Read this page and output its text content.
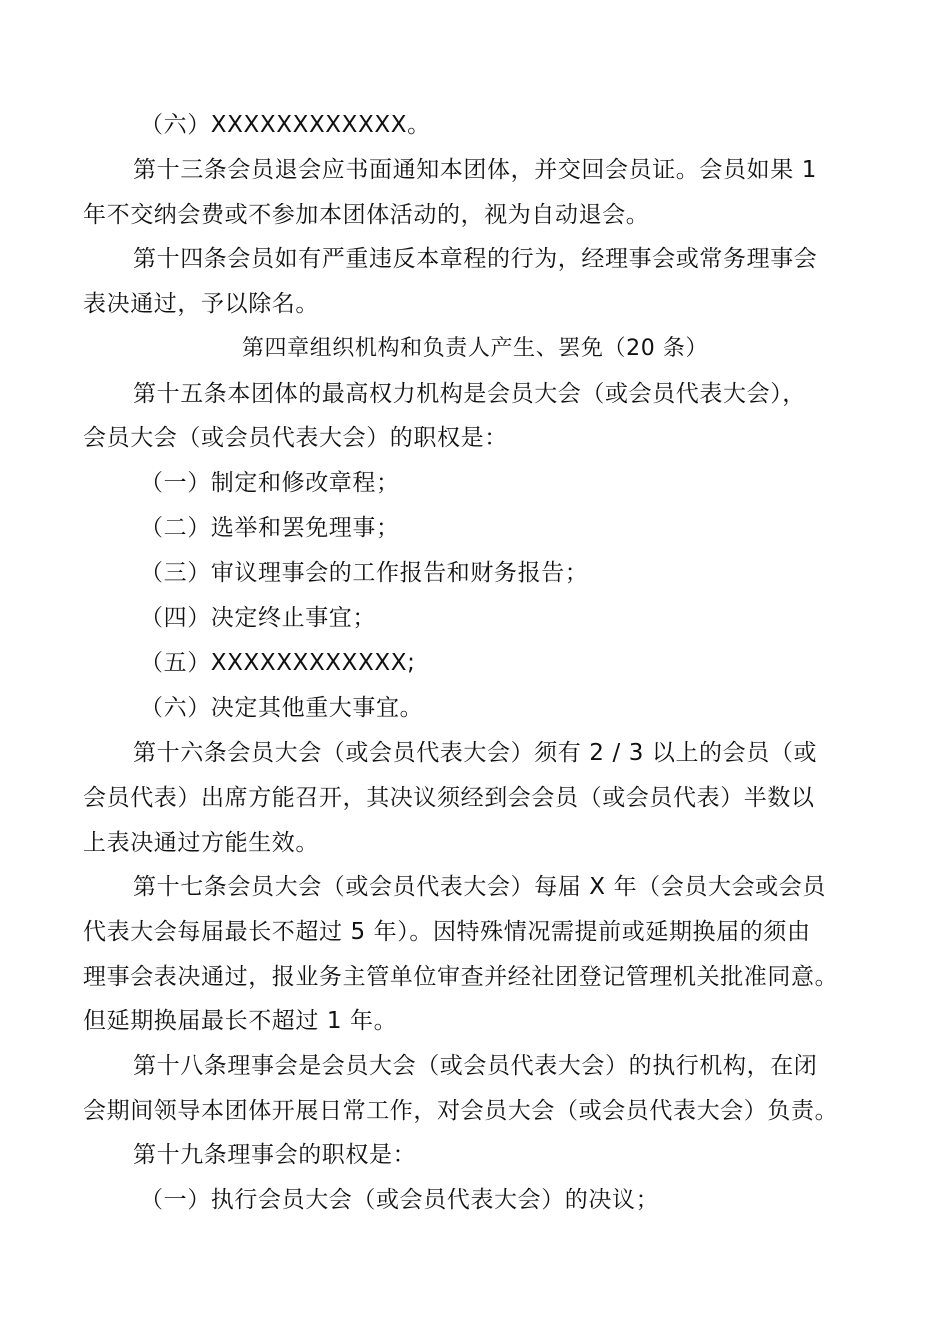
（六）XXXXXXXXXXXX。
第十三条会员退会应书面通知本团体，并交回会员证。会员如果 1
年不交纳会费或不参加本团体活动的，视为自动退会。
第十四条会员如有严重违反本章程的行为，经理事会或常务理事会
表决通过，予以除名。
第四章组织机构和负责人产生、罢免（20 条）
第十五条本团体的最高权力机构是会员大会（或会员代表大会），
会员大会（或会员代表大会）的职权是：
（一）制定和修改章程；
（二）选举和罢免理事；
（三）审议理事会的工作报告和财务报告；
（四）决定终止事宜；
（五）XXXXXXXXXXXX;
（六）决定其他重大事宜。
第十六条会员大会（或会员代表大会）须有 2 / 3 以上的会员（或
会员代表）出席方能召开，其决议须经到会会员（或会员代表）半数以
上表决通过方能生效。
第十七条会员大会（或会员代表大会）每届 X 年（会员大会或会员
代表大会每届最长不超过 5 年）。因特殊情况需提前或延期换届的须由
理事会表决通过，报业务主管单位审查并经社团登记管理机关批准同意。
但延期换届最长不超过 1 年。
第十八条理事会是会员大会（或会员代表大会）的执行机构，在闭
会期间领导本团体开展日常工作，对会员大会（或会员代表大会）负责。
第十九条理事会的职权是：
（一）执行会员大会（或会员代表大会）的决议；
